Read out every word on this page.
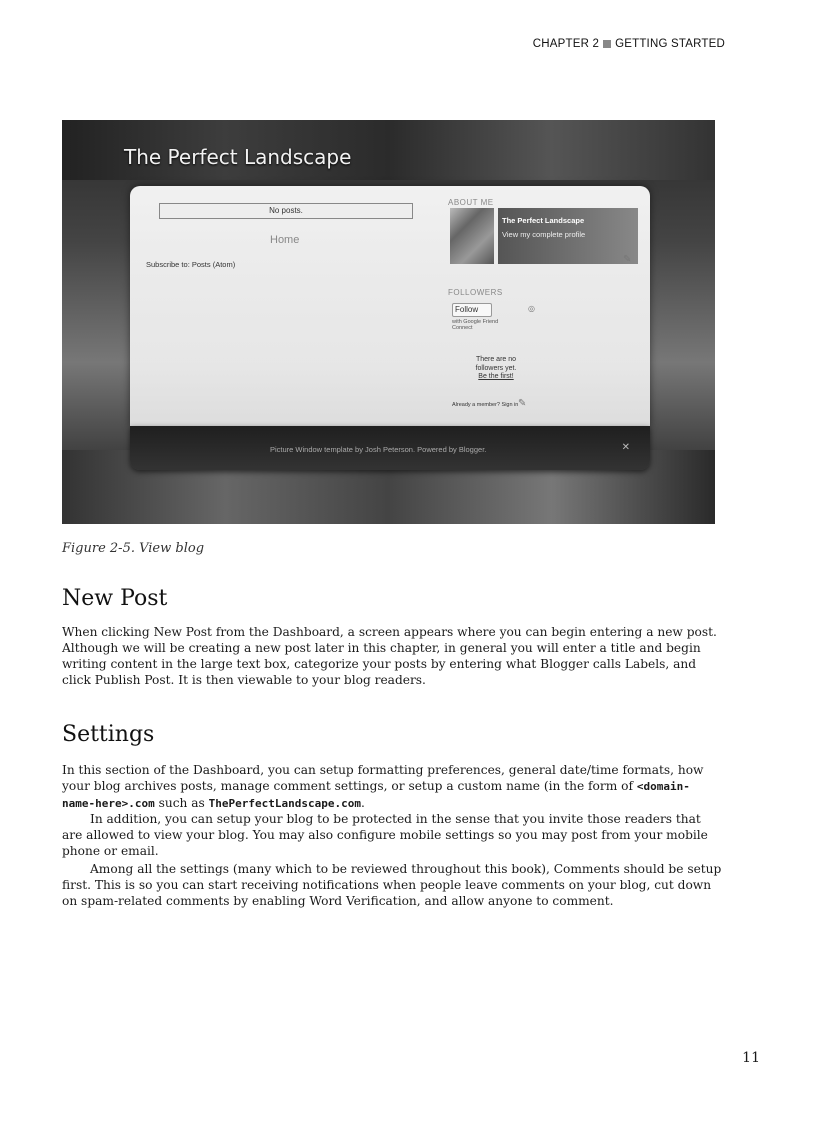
CHAPTER 2 GETTING STARTED
The Perfect Landscape
No posts.
Home
Subscribe to: Posts (Atom)
ABOUT ME
The Perfect Landscape
View my complete profile
✎
FOLLOWERS
Follow	◎
with Google Friend Connect
There are no
followers yet.
Be the first!
Already a member? Sign in ✎
Picture Window template by Josh Peterson. Powered by Blogger.	✕
Figure 2-5. View blog
New Post

When clicking New Post from the Dashboard, a screen appears where you can begin entering a new post. Although we will be creating a new post later in this chapter, in general you will enter a title and begin writing content in the large text box, categorize your posts by entering what Blogger calls Labels, and click Publish Post. It is then viewable to your blog readers.

Settings

In this section of the Dashboard, you can setup formatting preferences, general date/time formats, how your blog archives posts, manage comment settings, or setup a custom name (in the form of <domain-name-here>.com such as ThePerfectLandscape.com.

In addition, you can setup your blog to be protected in the sense that you invite those readers that are allowed to view your blog. You may also configure mobile settings so you may post from your mobile phone or email.

Among all the settings (many which to be reviewed throughout this book), Comments should be setup first. This is so you can start receiving notifications when people leave comments on your blog, cut down on spam-related comments by enabling Word Verification, and allow anyone to comment.

11
